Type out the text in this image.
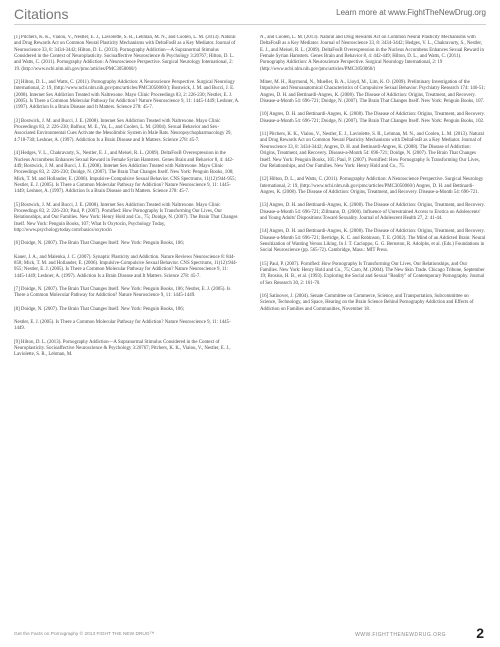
Citations	Learn more at www.FightTheNewDrug.org

[1] Pitchers, K. K., Vialou, V., Nestler, E. J., Laviolette, S. R., Lehman, M. N., and Coolen, L. M. (2013). Natural and Drug Rewards Act on Common Neural Plasticity Mechanisms with DeltaFosB as a Key Mediator. Journal of Neuroscience 33, 8: 3434-3442; Hilton, D. L. (2013). Pornography Addiction—A Supranormal Stimulus Considered in the Context of Neuroplasticity. Socioaffective Neuroscience & Psychology 3:20767; Hilton, D. L. and Watts, C. (2011). Pornography Addiction: A Neuroscience Perspective. Surgical Neurology International, 2: 19. (http://www.ncbi.nlm.nih.gov/pmc/articles/PMC3050060/)

[2] Hilton, D. L., and Watts, C. (2011). Pornography Addiction: A Neuroscience Perspective. Surgical Neurology International, 2: 19, (http://www.ncbi.nlm.nih.gov/pmc/articles/PMC3050060/); Bostwick, J. M. and Bucci, J. E. (2008). Internet Sex Addiction Treated with Naltrexone. Mayo Clinic Proceedings 83, 2: 226-230; Nestler, E. J. (2005). Is There a Common Molecular Pathway for Addiction? Nature Neuroscience 9, 11: 1445-1449; Leshner, A. (1997). Addiction Is a Brain Disease and It Matters. Science 278: 45-7.

[3] Bostwick, J. M. and Bucci, J. E. (2008). Internet Sex Addiction Treated with Naltrexone. Mayo Clinic Proceedings 83, 2: 226-230; Balfour, M. E., Yu, L., and Coolen, L. M. (2004). Sexual Behavior and Sex-Associated Environmental Cues Activate the Mesolimbic System in Male Rats. Neuropsychopharmacology 29, 4:718-730; Leshner, A. (1997). Addiction Is a Brain Disease and It Matters. Science 278: 45-7.

[4] Hedges, V. L., Chakravarty, S., Nestler, E. J., and Meisel, R. L. (2009). DeltaFosB Overexpression in the Nucleus Accumbens Enhances Sexual Reward in Female Syrian Hamsters. Genes Brain and Behavior 8, 4: 442-449; Bostwick, J. M. and Bucci, J. E. (2008). Internet Sex Addiction Treated with Naltrexone. Mayo Clinic Proceedings 83, 2: 226-230; Doidge, N. (2007). The Brain That Changes Itself. New York: Penguin Books, 108; Mick, T. M. and Hollander, E. (2006). Impulsive-Compulsive Sexual Behavior. CNS Spectrums, 11(12):944-955; Nestler, E. J. (2005). Is There a Common Molecular Pathway for Addiction? Nature Neuroscience 9, 11: 1445-1449; Leshner, A. (1997). Addiction Is a Brain Disease and It Matters. Science 278: 45-7.

[5] Bostwick, J. M. and Bucci, J. E. (2008). Internet Sex Addiction Treated with Naltrexone. Mayo Clinic Proceedings 83, 2: 226-230; Paul, P. (2007). Pornified: How Pornography Is Transforming Our Lives, Our Relationships, and Our Families. New York: Henry Hold and Co., 75; Doidge, N. (2007). The Brain That Changes Itself. New York: Penguin Books, 107; What Is Oxytocin, Psychology Today, http://www.psychologytoday.com/basics/oxytocin

[6] Doidge, N. (2007). The Brain That Changes Itself. New York: Penguin Books, 106;

Kauer, J. A., and Malenka, J. C. (2007). Synaptic Plasticity and Addiction. Nature Reviews Neuroscience 8: 844-858; Mick, T. M. and Hollander, E. (2006). Impulsive-Compulsive Sexual Behavior. CNS Spectrums, 11(12):944-955; Nestler, E. J. (2005). Is There a Common Molecular Pathway for Addiction? Nature Neuroscience 9, 11: 1445-1449; Leshner, A. (1997). Addiction Is a Brain Disease and It Matters. Science 278: 45-7.

[7] Doidge, N. (2007). The Brain That Changes Itself. New York: Penguin Books, 106; Nestler, E. J. (2005). Is There a Common Molecular Pathway for Addiction? Nature Neuroscience 9, 11: 1445-1449.

[8] Doidge, N. (2007). The Brain That Changes Itself. New York: Penguin Books, 106;

Nestler, E. J. (2005). Is There a Common Molecular Pathway for Addiction? Nature Neuroscience 9, 11: 1445-1449.

[9] Hilton, D. L. (2013). Pornography Addiction—A Supranormal Stimulus Considered in the Context of Neuroplasticity. Socioaffective Neuroscience & Psychology 3:20767; Pitchers, K. K., Vialou, V., Nestler, E. J., Laviolette, S. R., Lehman, M.

N., and Coolen, L. M. (2013). Natural and Drug Rewards Act on Common Neural Plasticity Mechanisms with DeltaFosB as a Key Mediator. Journal of Neuroscience 33, 8: 3434-3442; Hedges, V. L., Chakravarty, S., Nestler, E. J., and Meisel, R. L. (2009). DeltaFosB Overexpression in the Nucleus Accumbens Enhances Sexual Reward in Female Syrian Hamsters. Genes Brain and Behavior 8, 4: 442-449; Hilton, D. L., and Watts, C. (2011). Pornography Addiction: A Neuroscience Perspective. Surgical Neurology International, 2: 19 (http://www.ncbi.nlm.nih.gov/pmc/articles/PMC3050060/)

Miner, M. H., Raymond, N., Mueller, B. A., Lloyd, M., Lim, K. O. (2009). Preliminary Investigation of the Impulsive and Neuroanatomical Characteristics of Compulsive Sexual Behavior. Psychiatry Research 174: 146-51; Angres, D. H. and Bettinardi-Angres, K. (2008). The Disease of Addiction: Origins, Treatment, and Recovery. Disease-a-Month 54: 696-721; Doidge, N. (2007). The Brain That Changes Itself. New York: Penguin Books, 107.

[10] Angres, D. H. and Bettinardi-Angres, K. (2008). The Disease of Addiction: Origins, Treatment, and Recovery. Disease-a-Month 54: 696-721; Doidge, N. (2007). The Brain That Changes Itself. New York: Penguin Books, 102.

[11] Pitchers, K. K., Vialou, V., Nestler, E. J., Laviolette, S. R., Lehman, M. N., and Coolen, L. M. (2013). Natural and Drug Rewards Act on Common Neural Plasticity Mechanisms with DeltaFosB as a Key Mediator. Journal of Neuroscience 33, 8: 3434-3442; Angres, D. H. and Bettinardi-Angres, K. (2008). The Disease of Addiction: Origins, Treatment, and Recovery. Disease-a-Month 54: 696-721; Doidge, N. (2007). The Brain That Changes Itself. New York: Penguin Books, 105; Paul, P. (2007). Pornified: How Pornography Is Transforming Our Lives, Our Relationships, and Our Families. New York: Henry Hold and Co., 75.

[12] Hilton, D. L., and Watts, C. (2011). Pornography Addiction: A Neuroscience Perspective. Surgical Neurology International, 2: 19, (http://www.ncbi.nlm.nih.gov/pmc/articles/PMC3050060/) Angres, D. H. and Bettinardi-Angres, K. (2008). The Disease of Addiction: Origins, Treatment, and Recovery. Disease-a-Month 54: 696-721.

[13] Angres, D. H. and Bettinardi-Angres, K. (2008). The Disease of Addiction: Origins, Treatment, and Recovery. Disease-a-Month 54: 696-721; Zillmann, D. (2000). Influence of Unrestrained Access to Erotica on Adolescents' and Young Adults' Dispositions Toward Sexuality. Journal of Adolescent Health 27, 2: 41-44.

[14] Angres, D. H. and Bettinardi-Angres, K. (2008). The Disease of Addiction: Origins, Treatment, and Recovery. Disease-a-Month 54: 696-721; Berridge, K. C. and Robinson, T. E. (2002). The Mind of an Addicted Brain: Neural Sensitization of Wanting Versus Liking. In J. T. Cacioppo, G. G. Bernston, R. Adolphs, et al. (Eds.) Foundations in Social Neuroscience (pp. 565-72). Cambridge, Mass.: MIT Press.

[15] Paul, P. (2007). Pornified: How Pornography Is Transforming Our Lives, Our Relationships, and Our Families. New York: Henry Hold and Co., 75; Caro, M. (2004). The New Skin Trade. Chicago Tribune, September 19; Brosius, H. B., et al. (1993). Exploring the Social and Sexual "Reality" of Contemporary Pornography. Journal of Sex Research 30, 2: 161-70.

[16] Satinover, J. (2004). Senate Committee on Commerce, Science, and Transportation, Subcommittee on Science, Technology, and Space, Hearing on the Brain Science Behind Pornography Addiction and Effects of Addiction on Families and Communities, November 18.

Get the Facts on Pornography © 2013 FIGHT THE NEW DRUG™	WWW.FIGHTTHENEWDRUG.ORG 2
